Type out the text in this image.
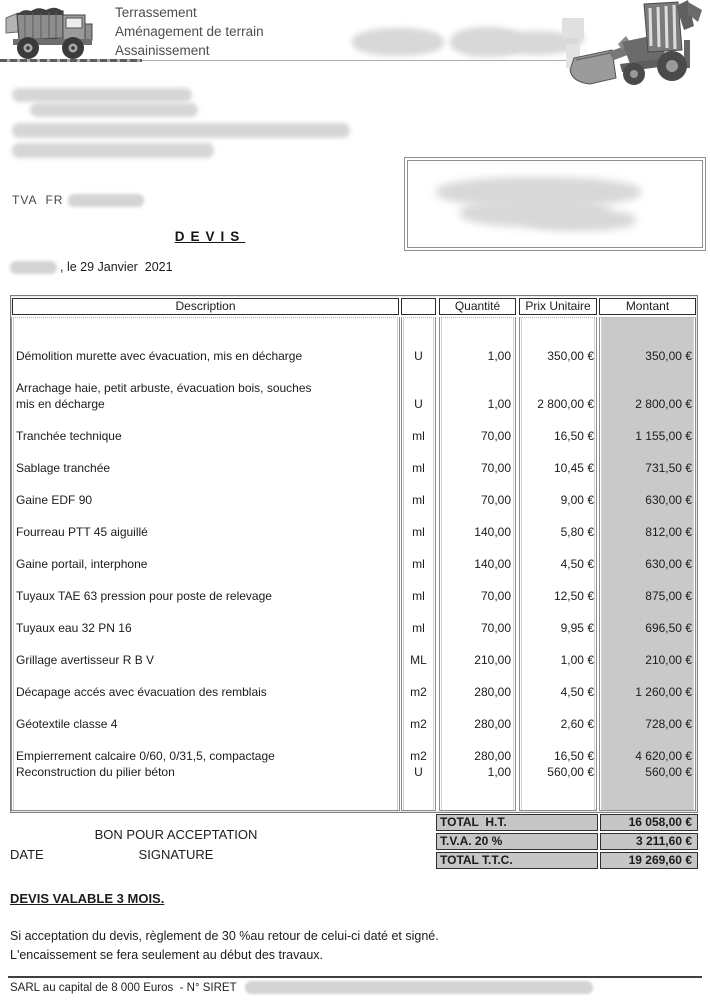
Terrassement
Aménagement de terrain
Assainissement
TVA  FR
DEVIS
, le 29 Janvier  2021
Description	Quantité	Prix Unitaire	Montant
Démolition murette avec évacuation, mis en décharge	U	1,00	350,00 €	350,00 €
Arrachage haie, petit arbuste, évacuation bois, souches
mis en décharge	U	1,00	2 800,00 €	2 800,00 €
Tranchée technique	ml	70,00	16,50 €	1 155,00 €
Sablage tranchée	ml	70,00	10,45 €	731,50 €
Gaine EDF 90	ml	70,00	9,00 €	630,00 €
Fourreau PTT 45 aiguillé	ml	140,00	5,80 €	812,00 €
Gaine portail, interphone	ml	140,00	4,50 €	630,00 €
Tuyaux TAE 63 pression pour poste de relevage	ml	70,00	12,50 €	875,00 €
Tuyaux eau 32 PN 16	ml	70,00	9,95 €	696,50 €
Grillage avertisseur R B V	ML	210,00	1,00 €	210,00 €
Décapage accés avec évacuation des remblais	m2	280,00	4,50 €	1 260,00 €
Géotextile classe 4	m2	280,00	2,60 €	728,00 €
Empierrement calcaire 0/60, 0/31,5, compactage	m2	280,00	16,50 €	4 620,00 €
Reconstruction du pilier béton	U	1,00	560,00 €	560,00 €
TOTAL  H.T.	16 058,00 €
T.V.A. 20 %	3 211,60 €
TOTAL T.T.C.	19 269,60 €
BON POUR ACCEPTATION
DATE	SIGNATURE
DEVIS VALABLE 3 MOIS.
Si acceptation du devis, règlement de 30 %au retour de celui-ci daté et signé.
L'encaissement se fera seulement au début des travaux.
SARL au capital de 8 000 Euros  - N° SIRET
